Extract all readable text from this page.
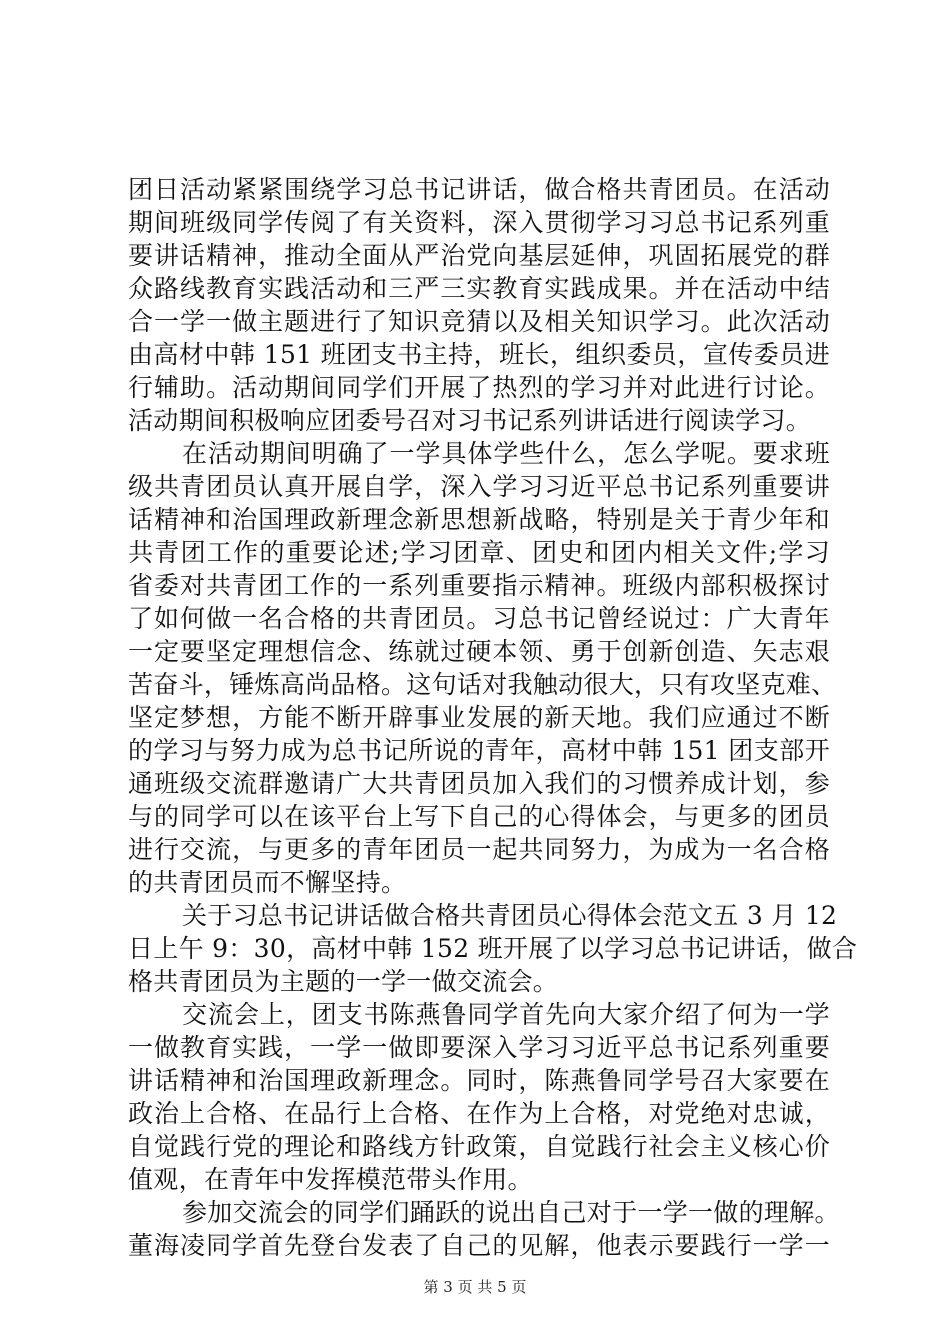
团日活动紧紧围绕学习总书记讲话，做合格共青团员。在活动
期间班级同学传阅了有关资料，深入贯彻学习习总书记系列重
要讲话精神，推动全面从严治党向基层延伸，巩固拓展党的群
众路线教育实践活动和三严三实教育实践成果。并在活动中结
合一学一做主题进行了知识竞猜以及相关知识学习。此次活动
由高材中韩 151 班团支书主持，班长，组织委员，宣传委员进
行辅助。活动期间同学们开展了热烈的学习并对此进行讨论。
活动期间积极响应团委号召对习书记系列讲话进行阅读学习。
在活动期间明确了一学具体学些什么，怎么学呢。要求班
级共青团员认真开展自学，深入学习习近平总书记系列重要讲
话精神和治国理政新理念新思想新战略，特别是关于青少年和
共青团工作的重要论述;学习团章、团史和团内相关文件;学习
省委对共青团工作的一系列重要指示精神。班级内部积极探讨
了如何做一名合格的共青团员。习总书记曾经说过：广大青年
一定要坚定理想信念、练就过硬本领、勇于创新创造、矢志艰
苦奋斗，锤炼高尚品格。这句话对我触动很大，只有攻坚克难、
坚定梦想，方能不断开辟事业发展的新天地。我们应通过不断
的学习与努力成为总书记所说的青年，高材中韩 151 团支部开
通班级交流群邀请广大共青团员加入我们的习惯养成计划，参
与的同学可以在该平台上写下自己的心得体会，与更多的团员
进行交流，与更多的青年团员一起共同努力，为成为一名合格
的共青团员而不懈坚持。
关于习总书记讲话做合格共青团员心得体会范文五 3 月 12
日上午 9：30，高材中韩 152 班开展了以学习总书记讲话，做合
格共青团员为主题的一学一做交流会。
交流会上，团支书陈燕鲁同学首先向大家介绍了何为一学
一做教育实践，一学一做即要深入学习习近平总书记系列重要
讲话精神和治国理政新理念。同时，陈燕鲁同学号召大家要在
政治上合格、在品行上合格、在作为上合格，对党绝对忠诚，
自觉践行党的理论和路线方针政策，自觉践行社会主义核心价
值观，在青年中发挥模范带头作用。
参加交流会的同学们踊跃的说出自己对于一学一做的理解。
董海凌同学首先登台发表了自己的见解，他表示要践行一学一
第 3 页 共 5 页
